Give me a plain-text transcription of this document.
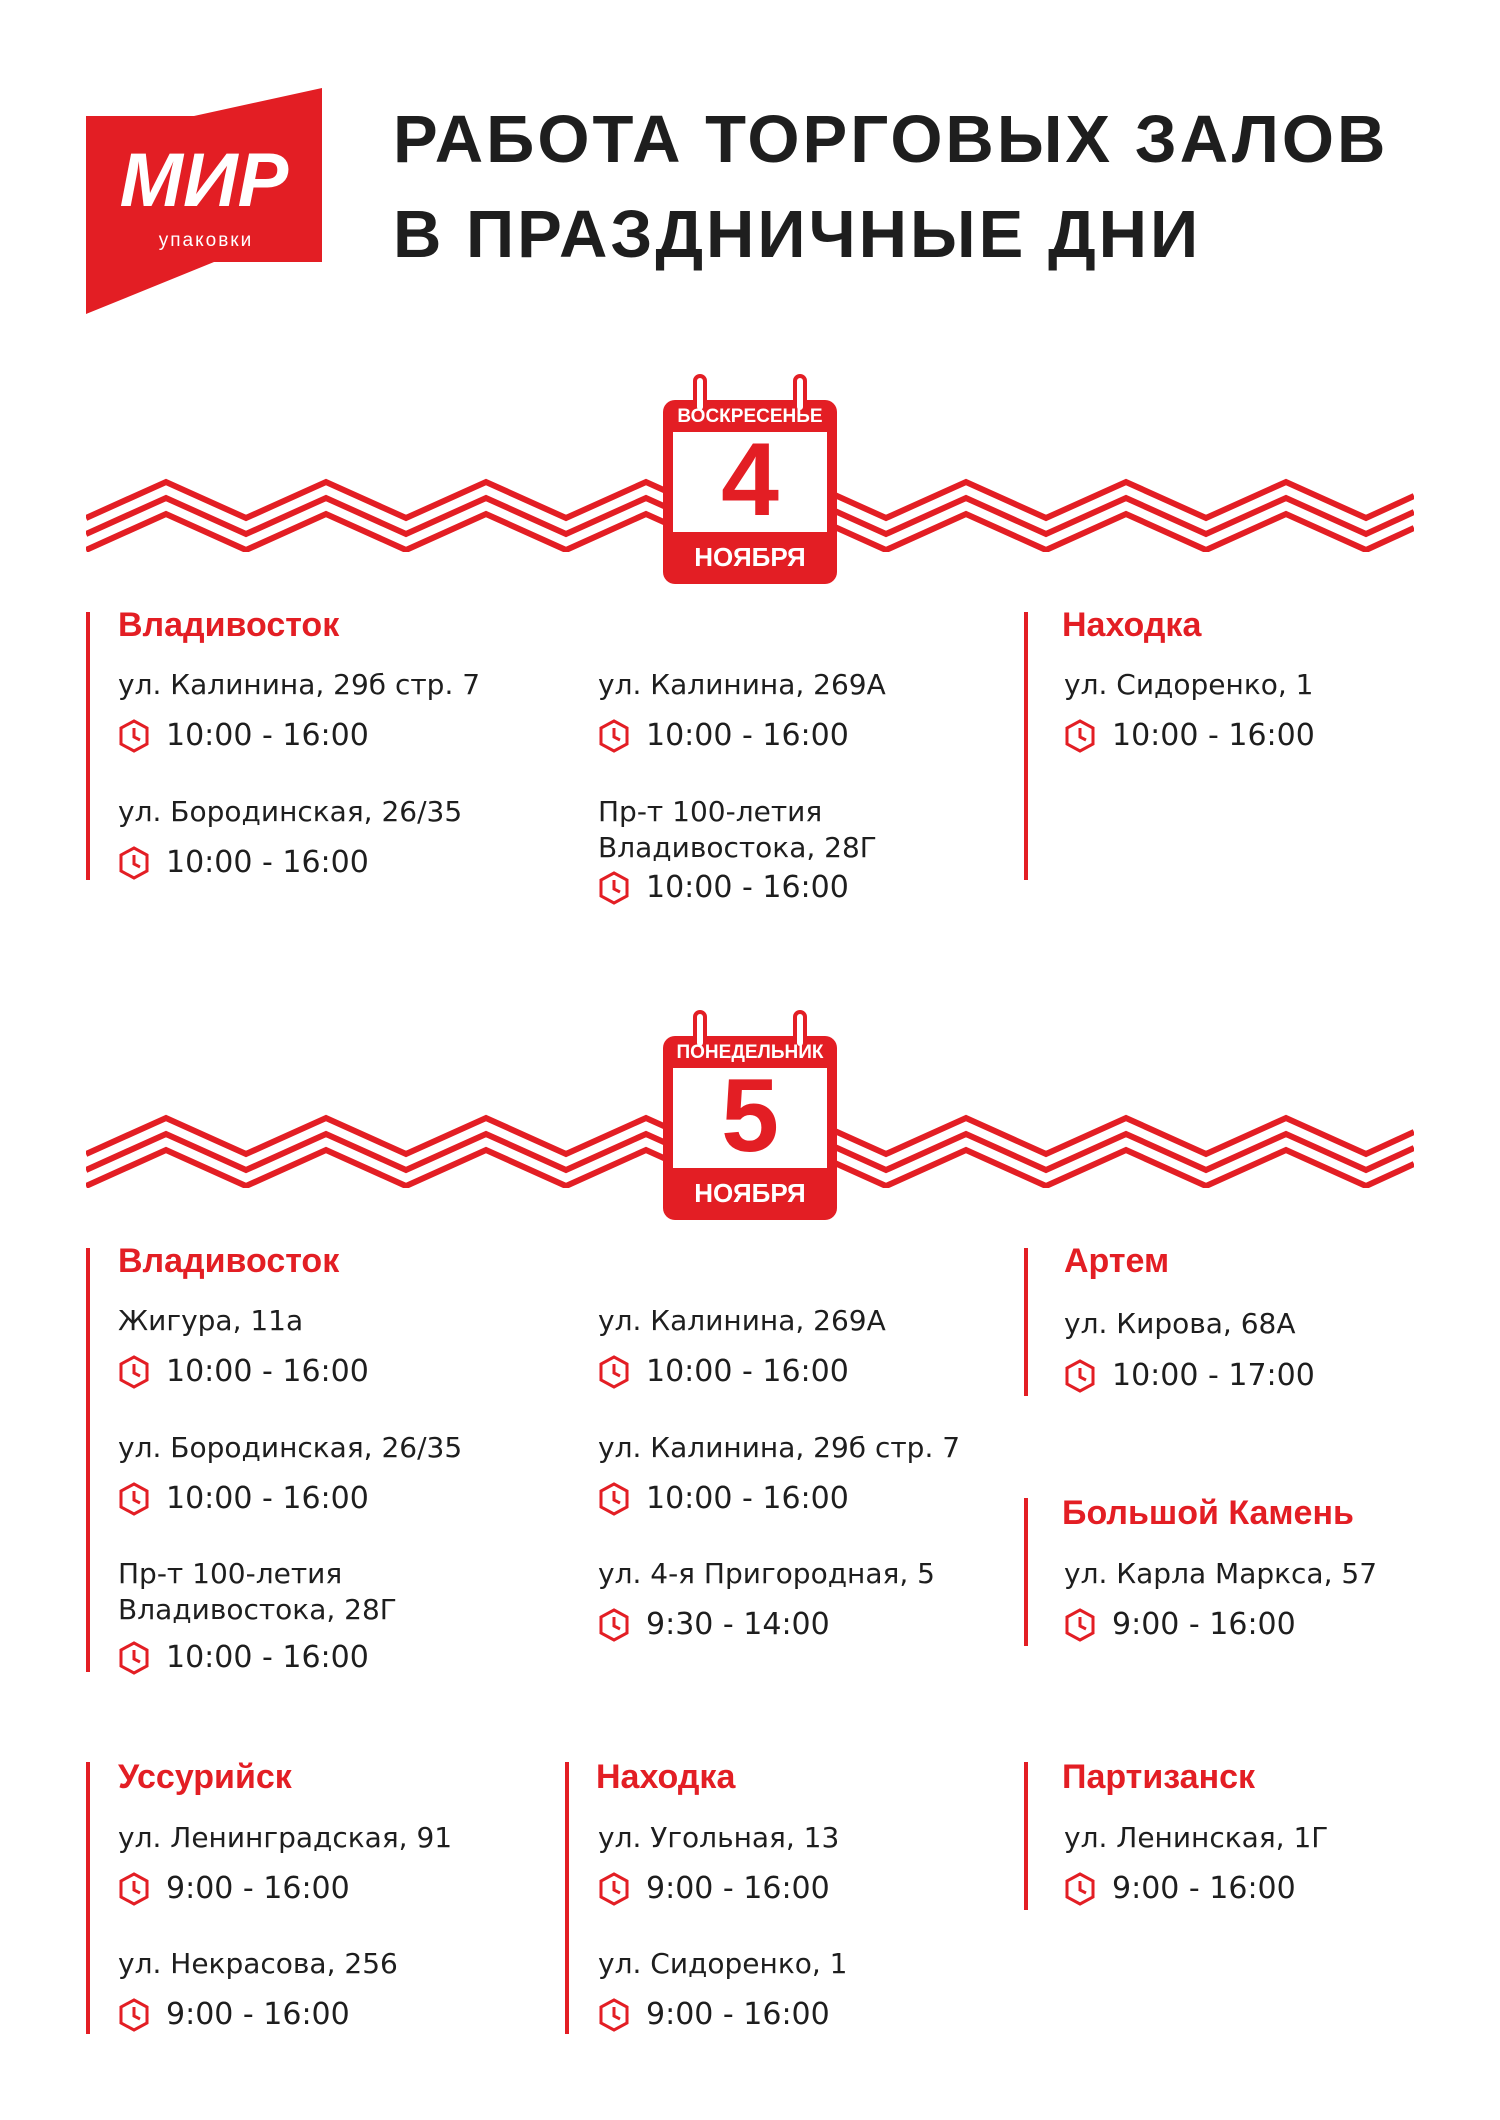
МИР
упаковки
РАБОТА ТОРГОВЫХ ЗАЛОВ
В ПРАЗДНИЧНЫЕ ДНИ
ВОСКРЕСЕНЬЕ
4
НОЯБРЯ
Владивосток
ул. Калинина, 29б стр. 7
10:00 - 16:00
ул. Бородинская, 26/35
10:00 - 16:00
ул. Калинина, 269А
10:00 - 16:00
Пр-т 100-летия
Владивостока, 28Г
10:00 - 16:00
Находка
ул. Сидоренко, 1
10:00 - 16:00
ПОНЕДЕЛЬНИК
5
НОЯБРЯ
Владивосток
Жигура, 11а
10:00 - 16:00
ул. Бородинская, 26/35
10:00 - 16:00
Пр-т 100-летия
Владивостока, 28Г
10:00 - 16:00
ул. Калинина, 269А
10:00 - 16:00
ул. Калинина, 29б стр. 7
10:00 - 16:00
ул. 4-я Пригородная, 5
9:30 - 14:00
Артем
ул. Кирова, 68А
10:00 - 17:00
Большой Камень
ул. Карла Маркса, 57
9:00 - 16:00
Уссурийск
ул. Ленинградская, 91
9:00 - 16:00
ул. Некрасова, 256
9:00 - 16:00
Находка
ул. Угольная, 13
9:00 - 16:00
ул. Сидоренко, 1
9:00 - 16:00
Партизанск
ул. Ленинская, 1Г
9:00 - 16:00
